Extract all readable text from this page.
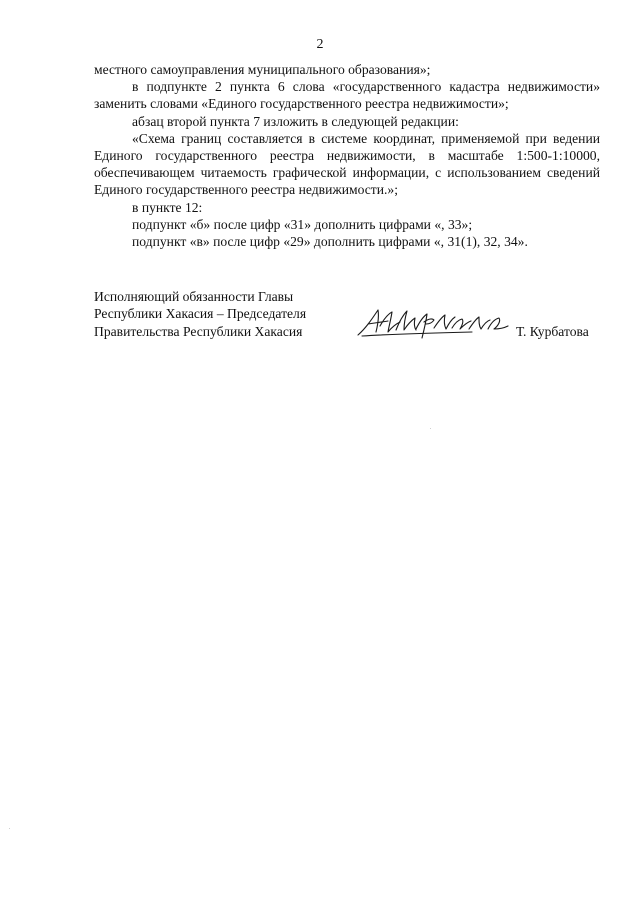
2

местного самоуправления муниципального образования»;

в подпункте 2 пункта 6 слова «государственного кадастра недвижимости» заменить словами «Единого государственного реестра недвижимости»;

абзац второй пункта 7 изложить в следующей редакции:

«Схема границ составляется в системе координат, применяемой при ведении Единого государственного реестра недвижимости, в масштабе 1:500-1:10000, обеспечивающем читаемость графической информации, с использованием сведений Единого государственного реестра недвижимости.»;

в пункте 12:

подпункт «б» после цифр «31» дополнить цифрами «, 33»;

подпункт «в» после цифр «29» дополнить цифрами «, 31(1), 32, 34».

Исполняющий обязанности Главы
Республики Хакасия – Председателя
Правительства Республики Хакасия	Т. Курбатова
